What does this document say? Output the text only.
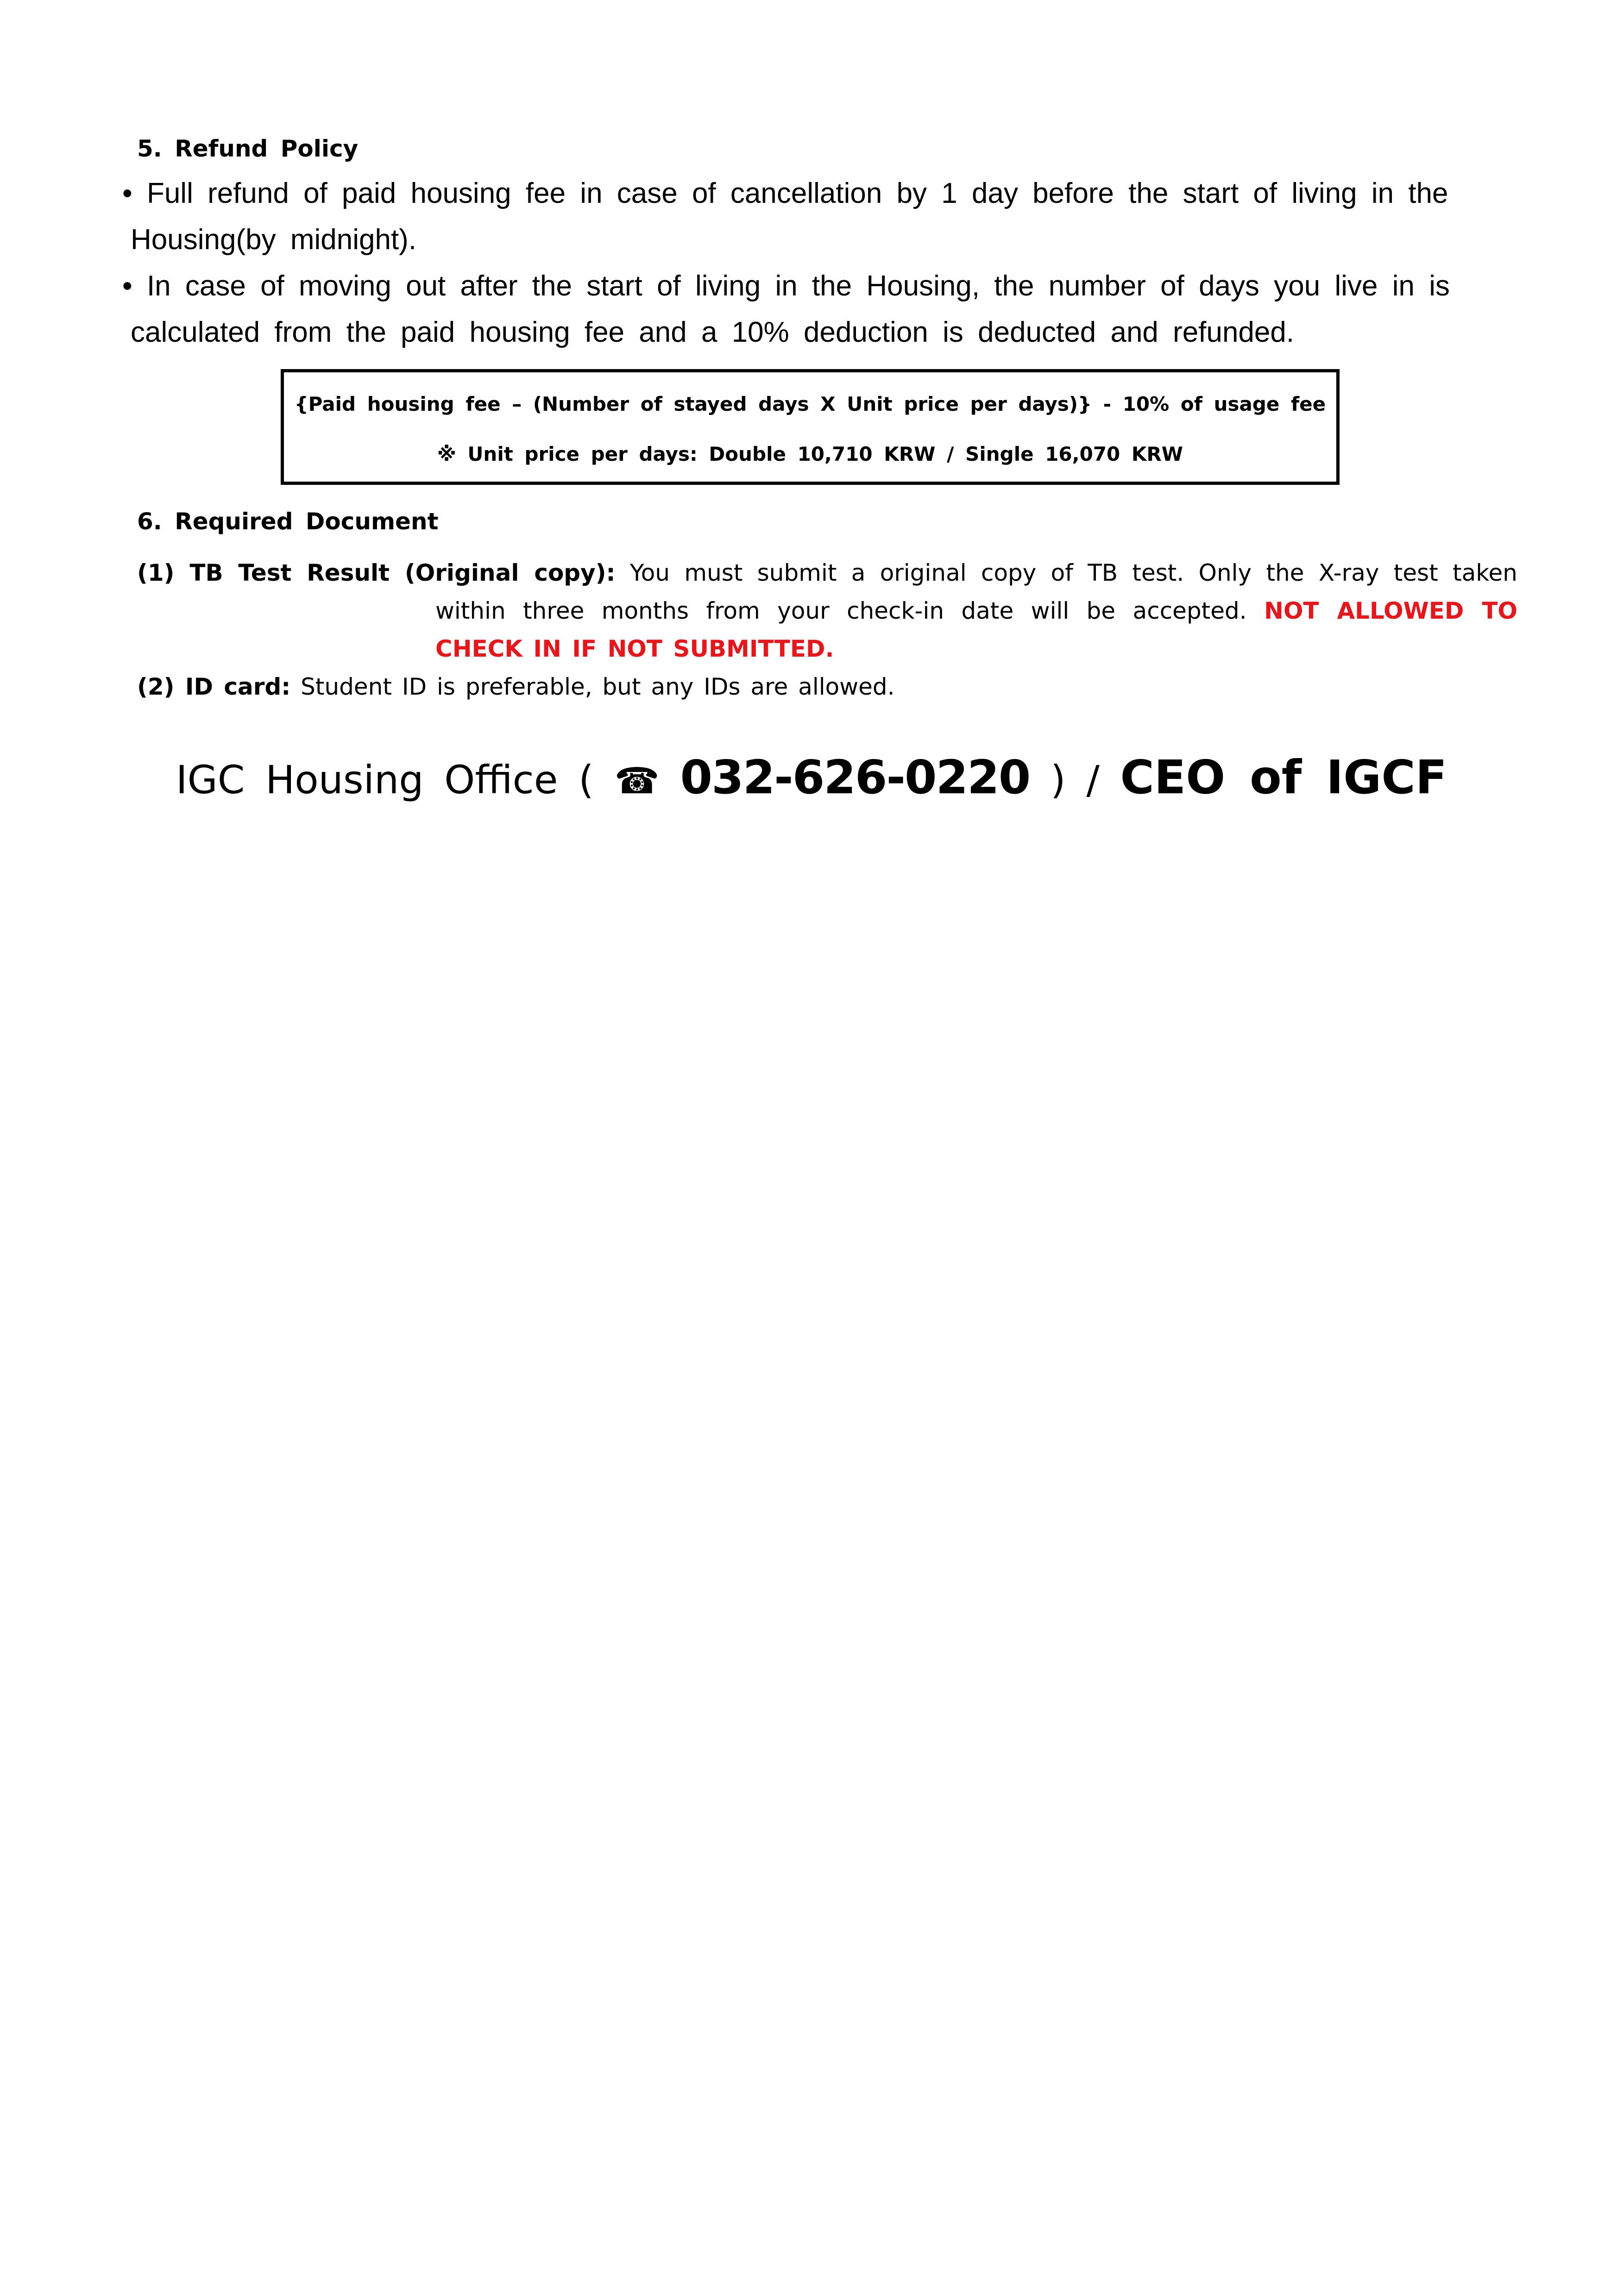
5. Refund Policy
• Full refund of paid housing fee in case of cancellation by 1 day before the start of living in the
Housing(by midnight).
• In case of moving out after the start of living in the Housing, the number of days you live in is
calculated from the paid housing fee and a 10% deduction is deducted and refunded.
{Paid housing fee – (Number of stayed days X Unit price per days)} - 10% of usage fee
※ Unit price per days: Double 10,710 KRW / Single 16,070 KRW
6. Required Document
(1) TB Test Result (Original copy): You must submit a original copy of TB test. Only the X-ray test taken
within three months from your check-in date will be accepted. NOT ALLOWED TO CHECK IN IF NOT SUBMITTED.
(2) ID card: Student ID is preferable, but any IDs are allowed.
IGC Housing Office ( ☎ 032-626-0220 ) / CEO of IGCF
